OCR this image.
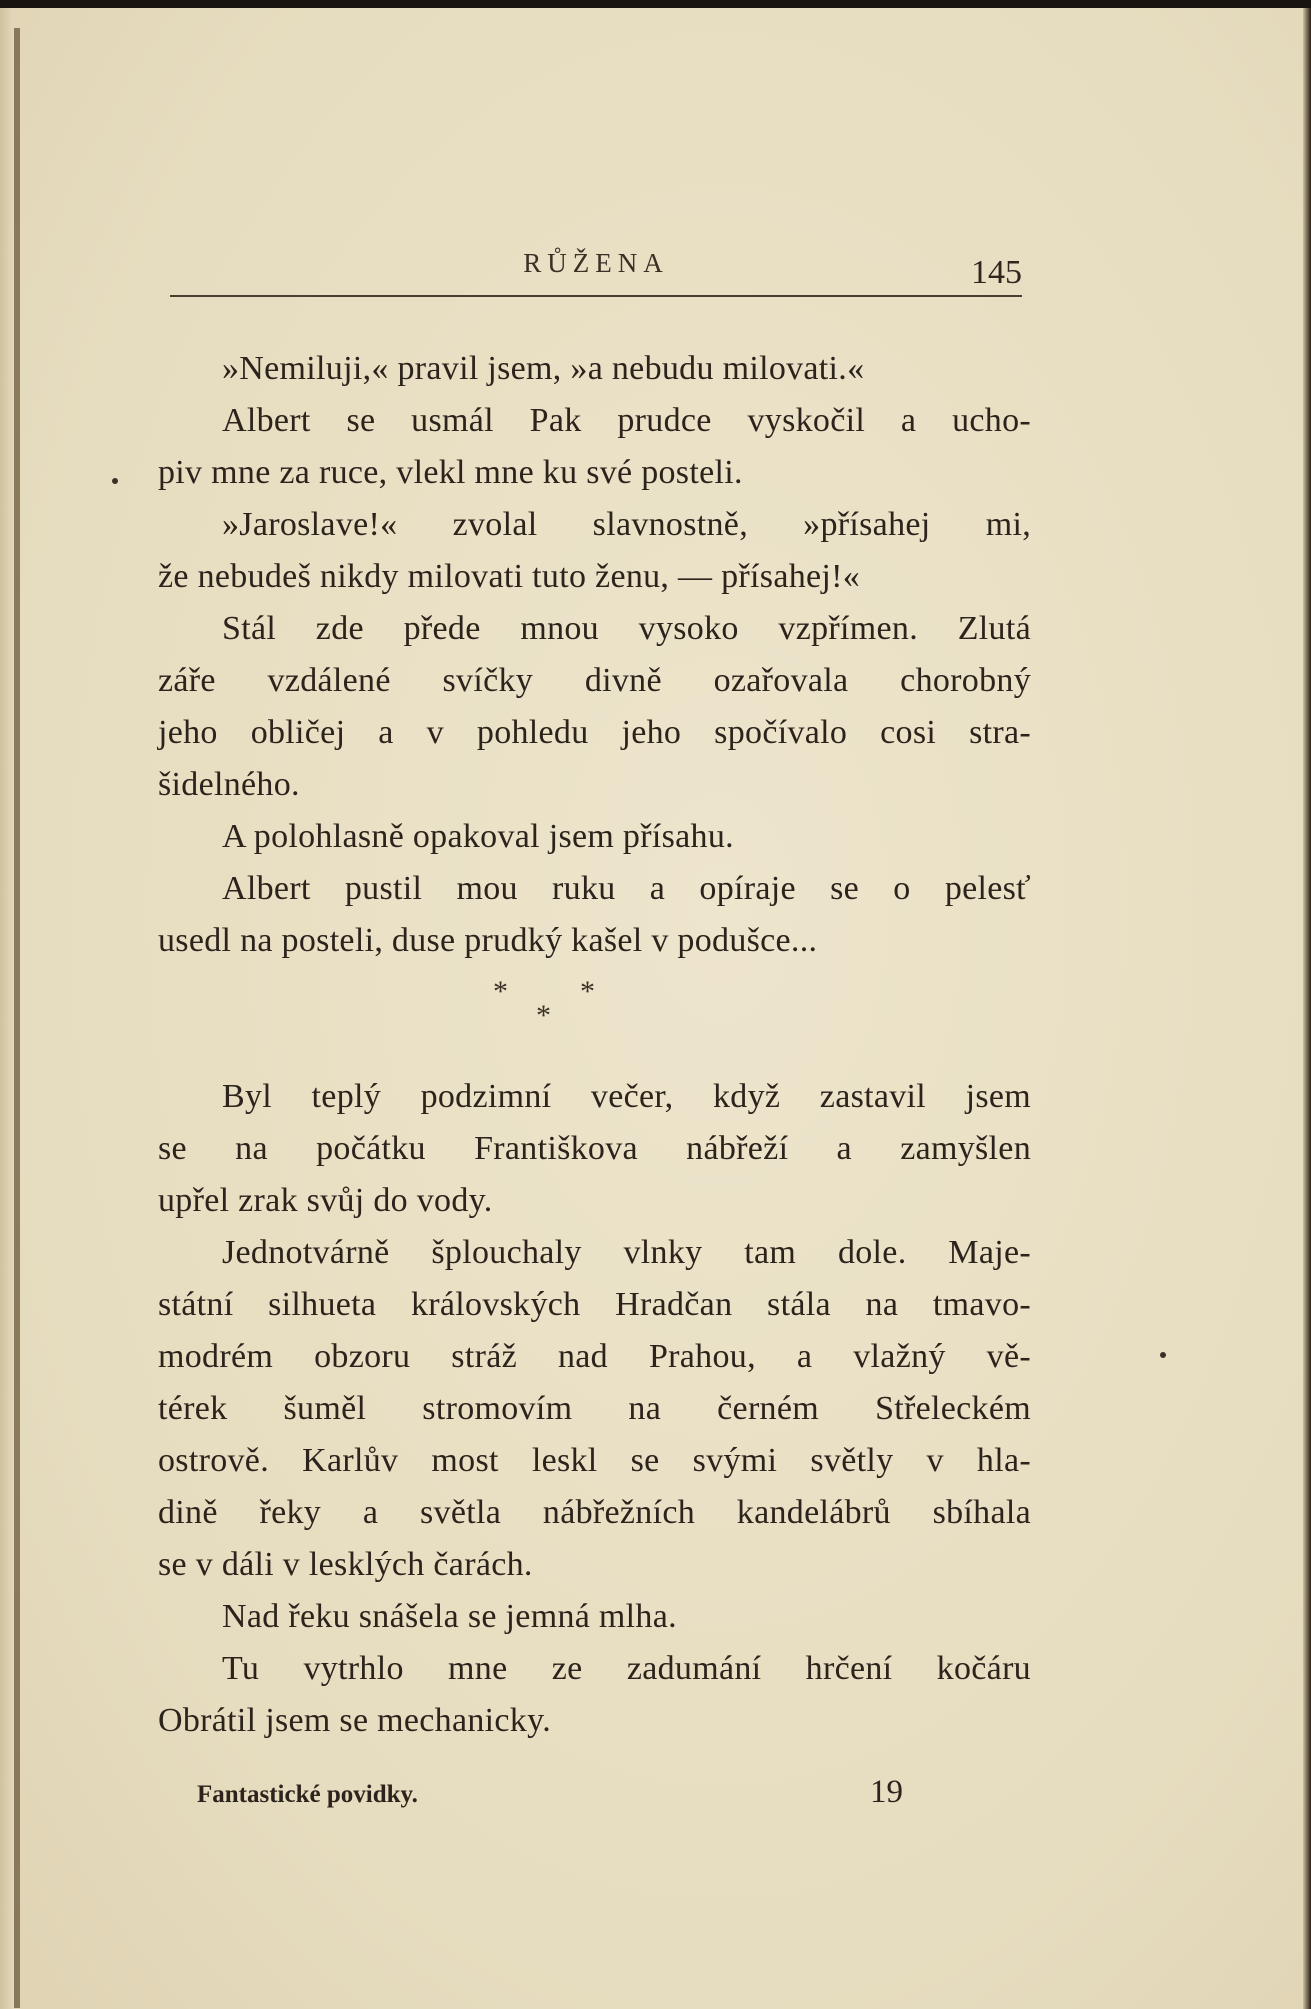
RŮŽENA	145

»Nemiluji,« pravil jsem, »a nebudu milovati.«

Albert se usmál Pak prudce vyskočil a ucho-
piv mne za ruce, vlekl mne ku své posteli.

»Jaroslave!« zvolal slavnostně, »přísahej mi,
že nebudeš nikdy milovati tuto ženu, — přísahej!«

Stál zde přede mnou vysoko vzpřímen. Zlutá
záře vzdálené svíčky divně ozařovala chorobný
jeho obličej a v pohledu jeho spočívalo cosi stra-
šidelného.

A polohlasně opakoval jsem přísahu.

Albert pustil mou ruku a opíraje se o pelesť
usedl na posteli, duse prudký kašel v podušce...

* *
*

Byl teplý podzimní večer, když zastavil jsem
se na počátku Františkova nábřeží a zamyšlen
upřel zrak svůj do vody.

Jednotvárně šplouchaly vlnky tam dole. Maje-
státní silhueta královských Hradčan stála na tmavo-
modrém obzoru stráž nad Prahou, a vlažný vě-
térek šuměl stromovím na černém Střeleckém
ostrově. Karlův most leskl se svými světly v hla-
dině řeky a světla nábřežních kandelábrů sbíhala
se v dáli v lesklých čarách.

Nad řeku snášela se jemná mlha.

Tu vytrhlo mne ze zadumání hrčení kočáru
Obrátil jsem se mechanicky.

Fantastické povidky.	19
